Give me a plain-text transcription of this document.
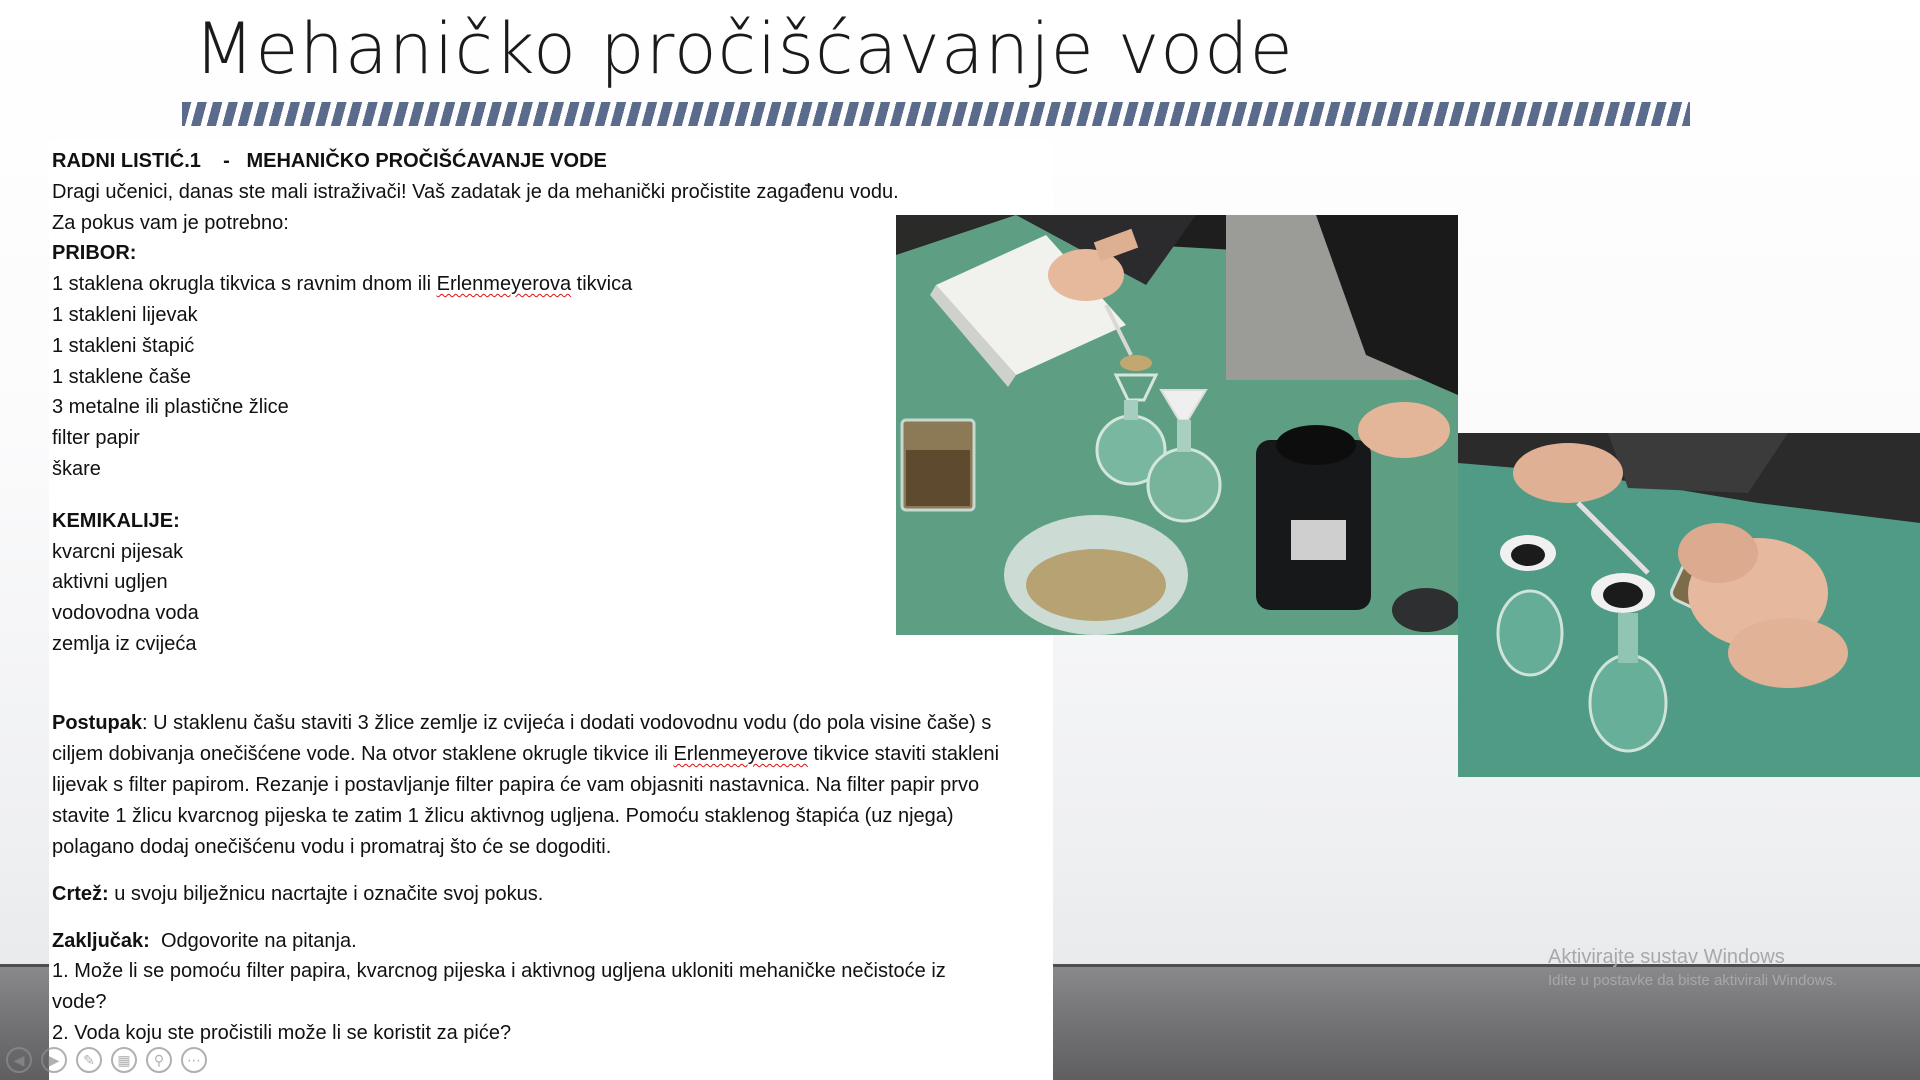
Mehaničko pročišćavanje vode

RADNI LISTIĆ.1    -   MEHANIČKO PROČIŠĆAVANJE VODE

Dragi učenici, danas ste mali istraživači! Vaš zadatak je da mehanički pročistite zagađenu vodu.

Za pokus vam je potrebno:

PRIBOR:

1 staklena okrugla tikvica s ravnim dnom ili Erlenmeyerova tikvica

1 stakleni lijevak

1 stakleni štapić

1 staklene čaše

3 metalne ili plastične žlice

filter papir

škare

KEMIKALIJE:

kvarcni pijesak

aktivni ugljen

vodovodna voda

zemlja iz cvijeća

Postupak: U staklenu čašu staviti 3 žlice zemlje iz cvijeća i dodati vodovodnu vodu (do pola visine čaše) s ciljem dobivanja onečišćene vode. Na otvor staklene okrugle tikvice ili Erlenmeyerove tikvice staviti stakleni lijevak s filter papirom. Rezanje i postavljanje filter papira će vam objasniti nastavnica. Na filter papir prvo stavite 1 žlicu kvarcnog pijeska te zatim 1 žlicu aktivnog ugljena. Pomoću staklenog štapića (uz njega) polagano dodaj onečišćenu vodu i promatraj što će se dogoditi.

Crtež: u svoju bilježnicu nacrtajte i označite svoj pokus.

Zaključak:  Odgovorite na pitanja.

1. Može li se pomoću filter papira, kvarcnog pijeska i aktivnog ugljena ukloniti mehaničke nečistoće iz

vode?

2. Voda koju ste pročistili može li se koristit za piće?

Aktivirajte sustav Windows
Idite u postavke da biste aktivirali Windows.
◀	▶	✎	▦	⚲	⋯
